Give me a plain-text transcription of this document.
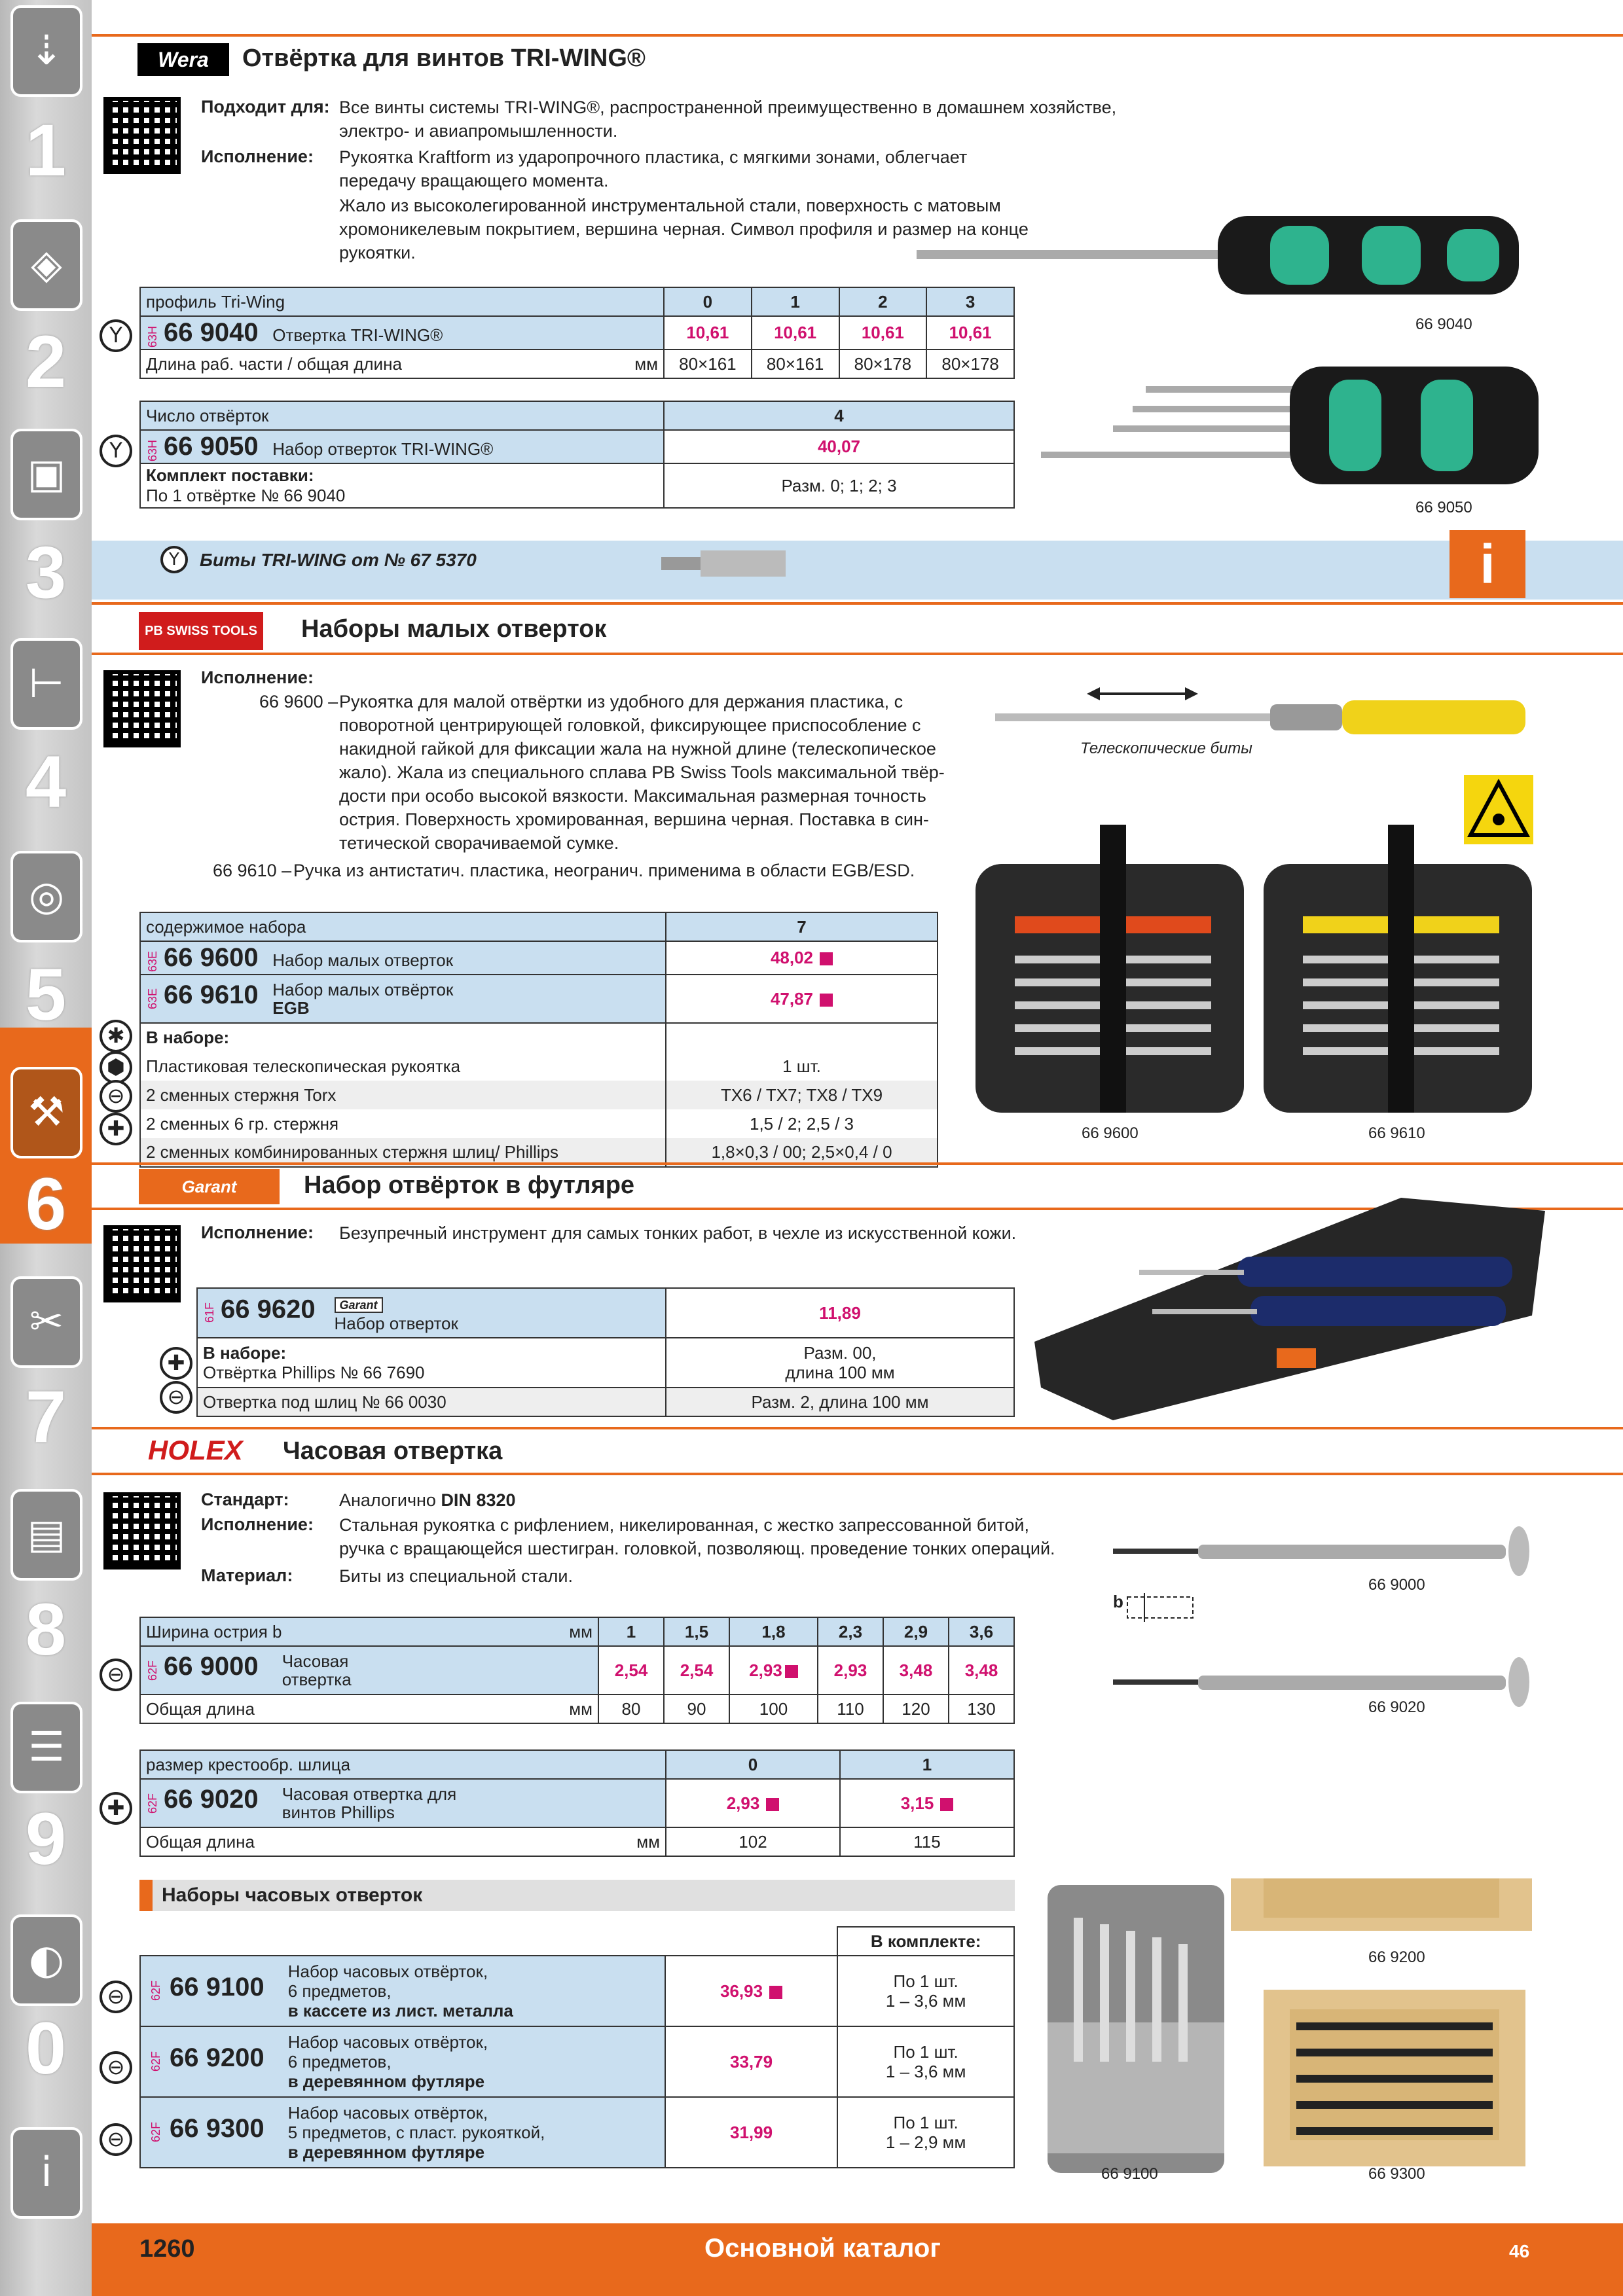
⇣
1
◈
2
▣
3
⊢
4
◎
5
⚒
6
✂
7
▤
8
☰
9
◐
0
i
Wera	Отвёртка для винтов TRI-WING®
Подходит для: Все винты системы TRI-WING®, распространенной преимущественно в домашнем хозяйстве,
электро- и авиапромышленности.
Исполнение: Рукоятка Kraftform из ударопрочного пластика, с мягкими зонами, облегчает
передачу вращающего момента.
Жало из высоколегированной инструментальной стали, поверхность с матовым
хромоникелевым покрытием, вершина черная. Символ профиля и размер на конце
рукоятки.
66 9040
профиль Tri-Wing	0	1	2	3
63H 66 9040 Отвертка TRI-WING®	10,61	10,61	10,61	10,61
Длина раб. части / общая длина мм	80×161	80×161	80×178	80×178
Y
Число отвёрток	4
63H 66 9050 Набор отверток TRI-WING®	40,07
Комплект поставки:
По 1 отвёртке № 66 9040	Разм. 0; 1; 2; 3
Y
66 9050
Y	Биты TRI-WING от № 67 5370	i
PB SWISS TOOLS Наборы малых отверток
Исполнение:
66 9600 – Рукоятка для малой отвёртки из удобного для держания пластика, с
поворотной центрирующей головкой, фиксирующее приспособление с
накидной гайкой для фиксации жала на нужной длине (телескопическое
жало). Жала из специального сплава PB Swiss Tools максимальной твёр-
дости при особо высокой вязкости. Максимальная размерная точность
острия. Поверхность хромированная, вершина черная. Поставка в син-
тетической сворачиваемой сумке.
66 9610 – Ручка из антистатич. пластика, неогранич. применима в области EGB/ESD.
Телескопические биты
66 9600	66 9610
содержимое набора	7
63E 66 9600 Набор малых отверток	48,02
63E 66 9610 Набор малых отвёрток
EGB	47,87
В наборе:	
Пластиковая телескопическая рукоятка	1 шт.
2 сменных стержня Torx	TX6 / TX7; TX8 / TX9
2 сменных 6 гр. стержня	1,5 / 2; 2,5 / 3
2 сменных комбинированных стержня шлиц/ Phillips	1,8×0,3 / 00; 2,5×0,4 / 0
✱
⬢
⊖
✚
Garant	Набор отвёрток в футляре
Исполнение: Безупречный инструмент для самых тонких работ, в чехле из искусственной кожи.
61F 66 9620 Garant
Набор отверток	11,89
В наборе:
Отвёртка Phillips № 66 7690	Разм. 00,
длина 100 мм
Отвертка под шлиц № 66 0030	Разм. 2, длина 100 мм
✚
⊖
HOLEX Часовая отвертка
Стандарт:	Аналогично DIN 8320
Исполнение: Стальная рукоятка с рифлением, никелированная, с жестко запрессованной битой,
ручка с вращающейся шестигран. головкой, позволяющ. проведение тонких операций.
Материал:	Биты из специальной стали.	66 9000
66 9020
b
Ширина острия b мм	1	1,5	1,8	2,3	2,9	3,6
62F 66 9000 Часовая
отвертка	2,54	2,54	2,93	2,93	3,48	3,48
Общая длина мм	80	90	100	110	120	130
⊖
размер крестообр. шлица	0	1
62F 66 9020 Часовая отвертка для
винтов Phillips	2,93	3,15
Общая длина мм	102	115
✚
Наборы часовых отверток
		В комплекте:
62F 66 9100     Набор часовых отвёрток,
6 предметов,
в кассете из лист. металла	36,93	По 1 шт.
1 – 3,6 мм
62F 66 9200     Набор часовых отвёрток,
6 предметов,
в деревянном футляре	33,79	По 1 шт.
1 – 3,6 мм
62F 66 9300     Набор часовых отвёрток,
5 предметов, с пласт. рукояткой,
в деревянном футляре	31,99	По 1 шт.
1 – 2,9 мм
⊖
⊖
⊖
66 9200
66 9100	66 9300
1260	Основной каталог	46
